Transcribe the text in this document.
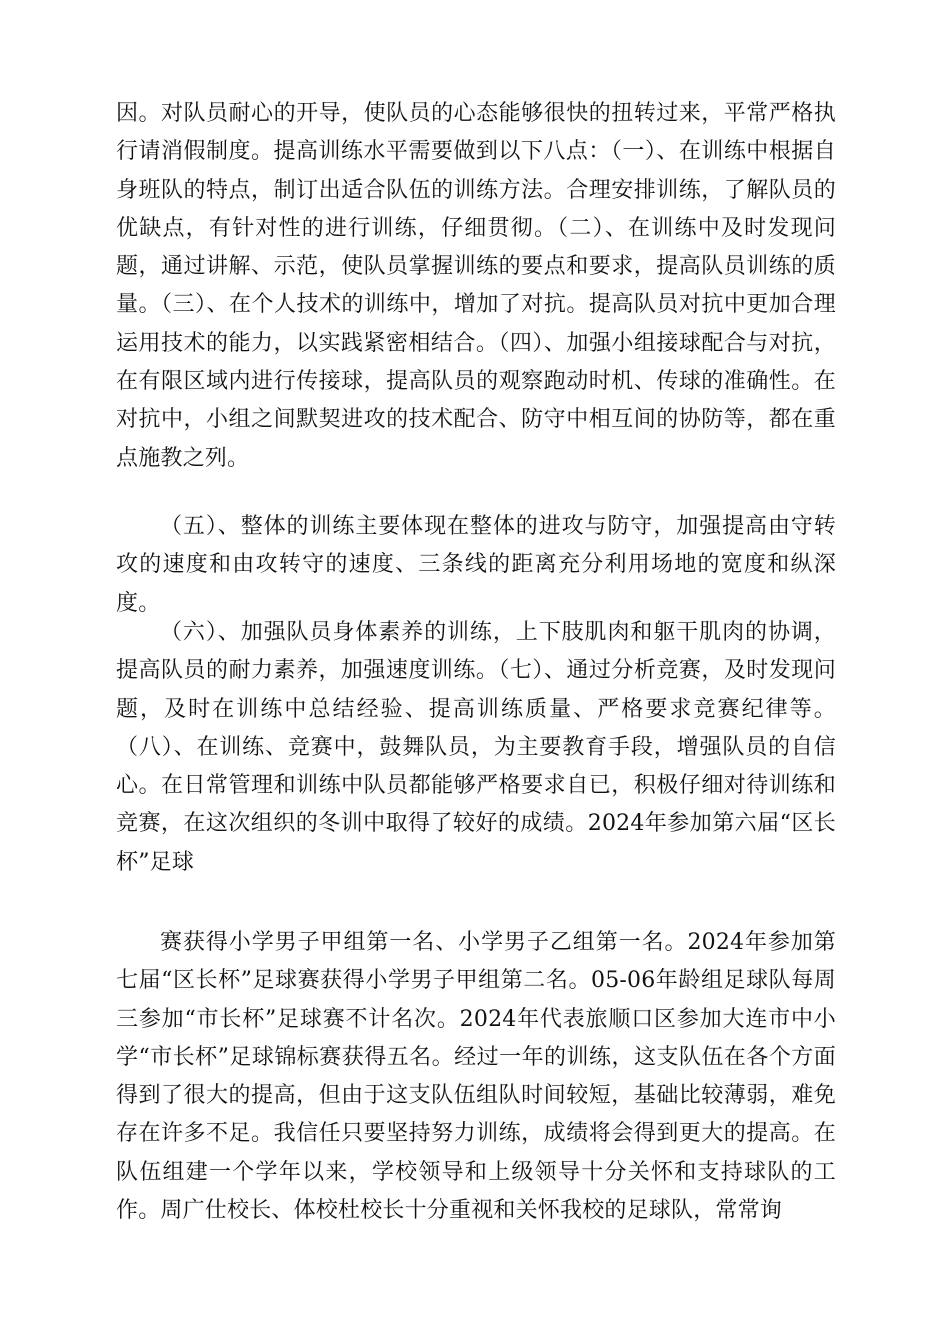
因。对队员耐心的开导，使队员的心态能够很快的扭转过来，平常严格执行请消假制度。提高训练水平需要做到以下八点：（一）、在训练中根据自身班队的特点，制订出适合队伍的训练方法。合理安排训练，了解队员的优缺点，有针对性的进行训练，仔细贯彻。（二）、在训练中及时发现问题，通过讲解、示范，使队员掌握训练的要点和要求，提高队员训练的质量。（三）、在个人技术的训练中，增加了对抗。提高队员对抗中更加合理运用技术的能力，以实践紧密相结合。（四）、加强小组接球配合与对抗，在有限区域内进行传接球，提高队员的观察跑动时机、传球的准确性。在对抗中，小组之间默契进攻的技术配合、防守中相互间的协防等，都在重点施教之列。

（五）、整体的训练主要体现在整体的进攻与防守，加强提高由守转攻的速度和由攻转守的速度、三条线的距离充分利用场地的宽度和纵深度。

（六）、加强队员身体素养的训练，上下肢肌肉和躯干肌肉的协调，提高队员的耐力素养，加强速度训练。（七）、通过分析竞赛，及时发现问题，及时在训练中总结经验、提高训练质量、严格要求竞赛纪律等。（八）、在训练、竞赛中，鼓舞队员，为主要教育手段，增强队员的自信心。在日常管理和训练中队员都能够严格要求自已，积极仔细对待训练和竞赛，在这次组织的冬训中取得了较好的成绩。2024年参加第六届“区长杯”足球

赛获得小学男子甲组第一名、小学男子乙组第一名。2024年参加第七届“区长杯”足球赛获得小学男子甲组第二名。05-06年龄组足球队每周三参加“市长杯”足球赛不计名次。2024年代表旅顺口区参加大连市中小学“市长杯”足球锦标赛获得五名。经过一年的训练，这支队伍在各个方面得到了很大的提高，但由于这支队伍组队时间较短，基础比较薄弱，难免存在许多不足。我信任只要坚持努力训练，成绩将会得到更大的提高。在队伍组建一个学年以来，学校领导和上级领导十分关怀和支持球队的工作。周广仕校长、体校杜校长十分重视和关怀我校的足球队，常常询
